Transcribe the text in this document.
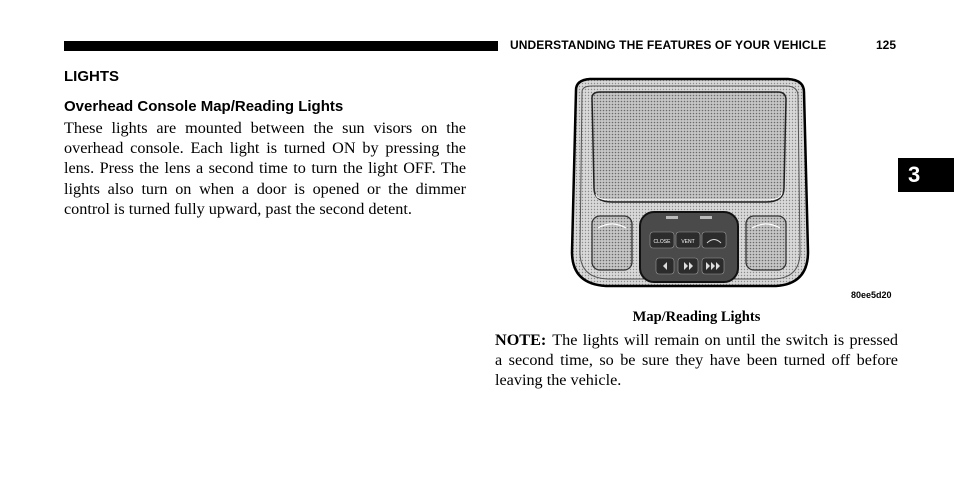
UNDERSTANDING THE FEATURES OF YOUR VEHICLE	125
3
LIGHTS
Overhead Console Map/Reading Lights
These lights are mounted between the sun visors on the overhead console. Each light is turned ON by pressing the lens. Press the lens a second time to turn the light OFF. The lights also turn on when a door is opened or the dimmer control is turned fully upward, past the second detent.
CLOSE VENT
80ee5d20
Map/Reading Lights
NOTE: The lights will remain on until the switch is pressed a second time, so be sure they have been turned off before leaving the vehicle.
